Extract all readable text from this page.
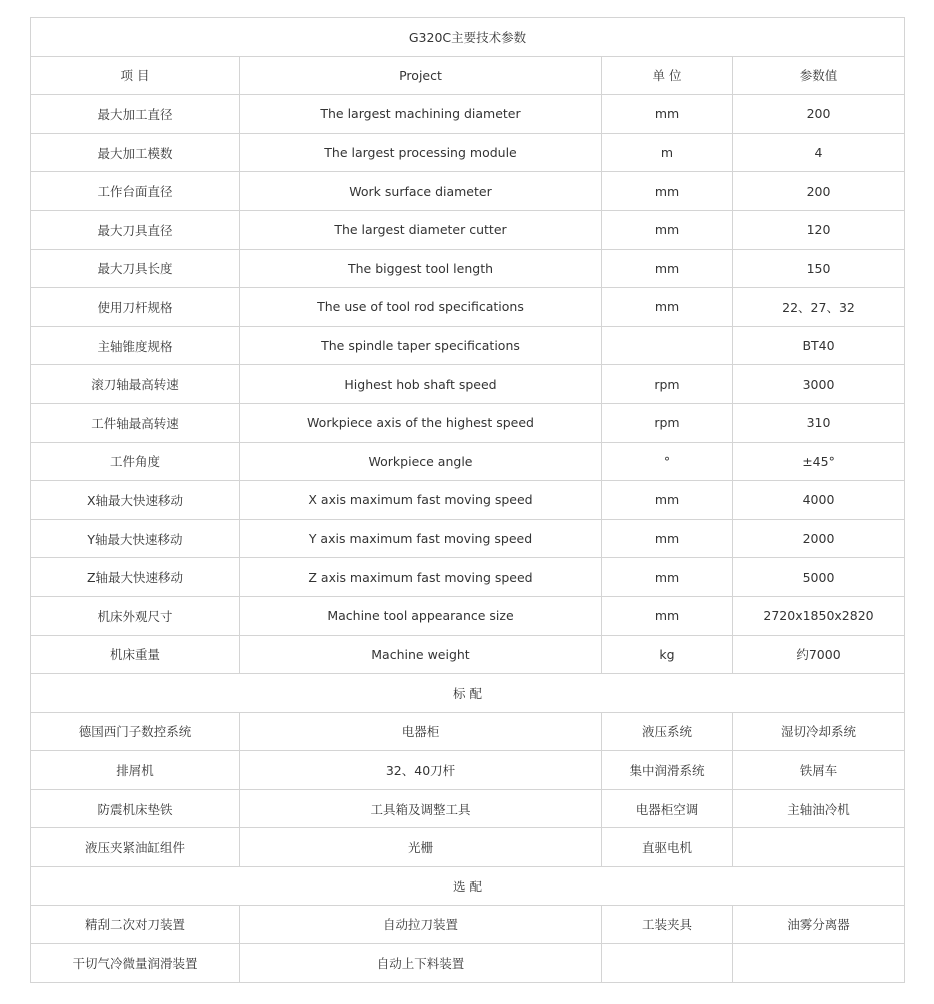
G320C主要技术参数			
项 目	Project	单 位	参数值
最大加工直径	The largest machining diameter	mm	200
最大加工模数	The largest processing module	m	4
工作台面直径	Work surface diameter	mm	200
最大刀具直径	The largest diameter cutter	mm	120
最大刀具长度	The biggest tool length	mm	150
使用刀杆规格	The use of tool rod specifications	mm	22、27、32
主轴锥度规格	The spindle taper specifications		BT40
滚刀轴最高转速	Highest hob shaft speed	rpm	3000
工件轴最高转速	Workpiece axis of the highest speed	rpm	310
工件角度	Workpiece angle	°	±45°
X轴最大快速移动	X axis maximum fast moving speed	mm	4000
Y轴最大快速移动	Y axis maximum fast moving speed	mm	2000
Z轴最大快速移动	Z axis maximum fast moving speed	mm	5000
机床外观尺寸	Machine tool appearance size	mm	2720x1850x2820
机床重量	Machine weight	kg	约7000
标 配			
德国西门子数控系统	电器柜	液压系统	湿切冷却系统
排屑机	32、40刀杆	集中润滑系统	铁屑车
防震机床垫铁	工具箱及调整工具	电器柜空调	主轴油冷机
液压夹紧油缸组件	光栅	直驱电机	
选 配			
精刮二次对刀装置	自动拉刀装置	工装夹具	油雾分离器
干切气冷微量润滑装置	自动上下料装置		
